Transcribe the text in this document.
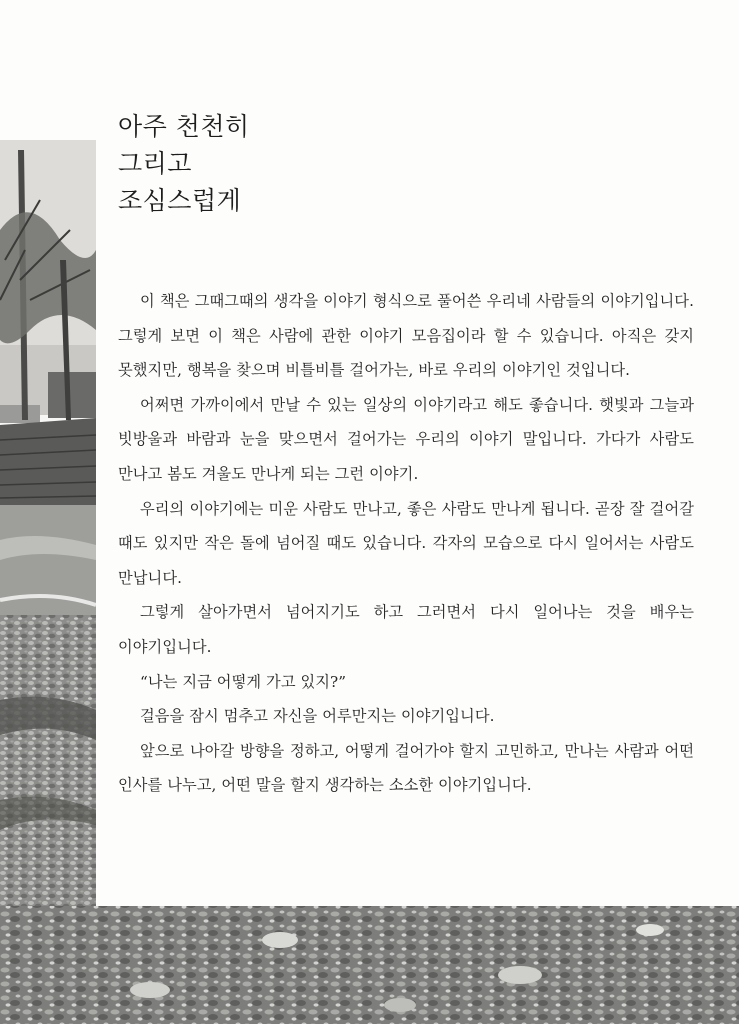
아주 천천히
그리고
조심스럽게

이 책은 그때그때의 생각을 이야기 형식으로 풀어쓴 우리네 사람들의 이야기입니다. 그렇게 보면 이 책은 사람에 관한 이야기 모음집이라 할 수 있습니다. 아직은 갖지 못했지만, 행복을 찾으며 비틀비틀 걸어가는, 바로 우리의 이야기인 것입니다.

어쩌면 가까이에서 만날 수 있는 일상의 이야기라고 해도 좋습니다. 햇빛과 그늘과 빗방울과 바람과 눈을 맞으면서 걸어가는 우리의 이야기 말입니다. 가다가 사람도 만나고 봄도 겨울도 만나게 되는 그런 이야기.

우리의 이야기에는 미운 사람도 만나고, 좋은 사람도 만나게 됩니다. 곧장 잘 걸어갈 때도 있지만 작은 돌에 넘어질 때도 있습니다. 각자의 모습으로 다시 일어서는 사람도 만납니다.

그렇게 살아가면서 넘어지기도 하고 그러면서 다시 일어나는 것을 배우는 이야기입니다.

“나는 지금 어떻게 가고 있지?”

걸음을 잠시 멈추고 자신을 어루만지는 이야기입니다.

앞으로 나아갈 방향을 정하고, 어떻게 걸어가야 할지 고민하고, 만나는 사람과 어떤 인사를 나누고, 어떤 말을 할지 생각하는 소소한 이야기입니다.
